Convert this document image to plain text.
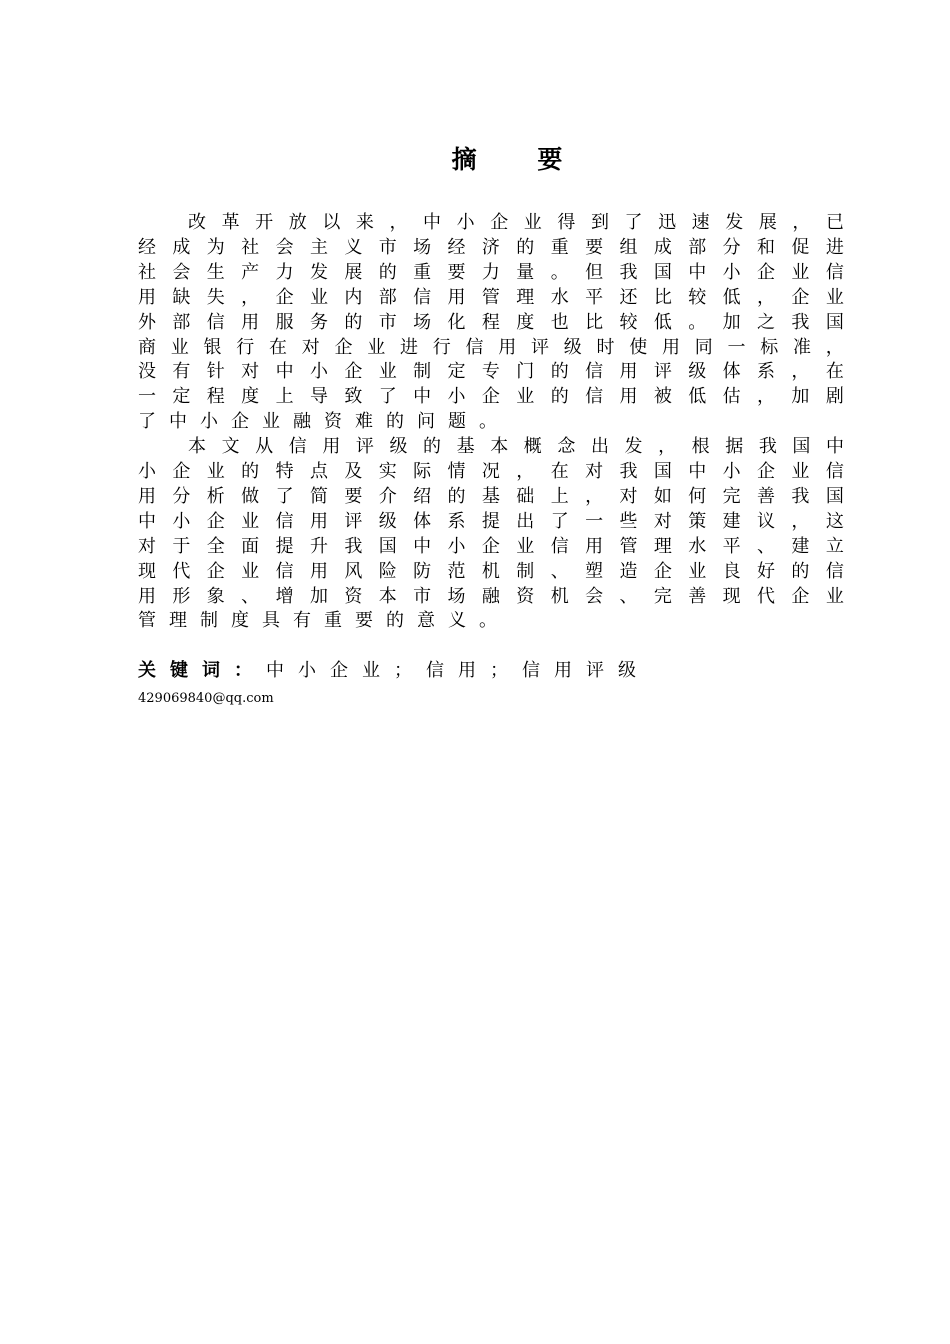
摘 要
改 革 开 放 以 来 ， 中 小 企 业 得 到 了 迅 速 发 展 ， 已
经 成 为 社 会 主 义 市 场 经 济 的 重 要 组 成 部 分 和 促 进
社 会 生 产 力 发 展 的 重 要 力 量 。 但 我 国 中 小 企 业 信
用 缺 失 ， 企 业 内 部 信 用 管 理 水 平 还 比 较 低 ， 企 业
外 部 信 用 服 务 的 市 场 化 程 度 也 比 较 低 。 加 之 我 国
商 业 银 行 在 对 企 业 进 行 信 用 评 级 时 使 用 同 一 标 准 ，
没 有 针 对 中 小 企 业 制 定 专 门 的 信 用 评 级 体 系 ， 在
一 定 程 度 上 导 致 了 中 小 企 业 的 信 用 被 低 估 ， 加 剧
了中小企业融资难的问题。
本 文 从 信 用 评 级 的 基 本 概 念 出 发 ， 根 据 我 国 中
小 企 业 的 特 点 及 实 际 情 况 ， 在 对 我 国 中 小 企 业 信
用 分 析 做 了 简 要 介 绍 的 基 础 上 ， 对 如 何 完 善 我 国
中 小 企 业 信 用 评 级 体 系 提 出 了 一 些 对 策 建 议 ， 这
对 于 全 面 提 升 我 国 中 小 企 业 信 用 管 理 水 平 、 建 立
现 代 企 业 信 用 风 险 防 范 机 制 、 塑 造 企 业 良 好 的 信
用 形 象 、 增 加 资 本 市 场 融 资 机 会 、 完 善 现 代 企 业
管理制度具有重要的意义。
关键词：中小企业；信用；信用评级
429069840@qq.com
